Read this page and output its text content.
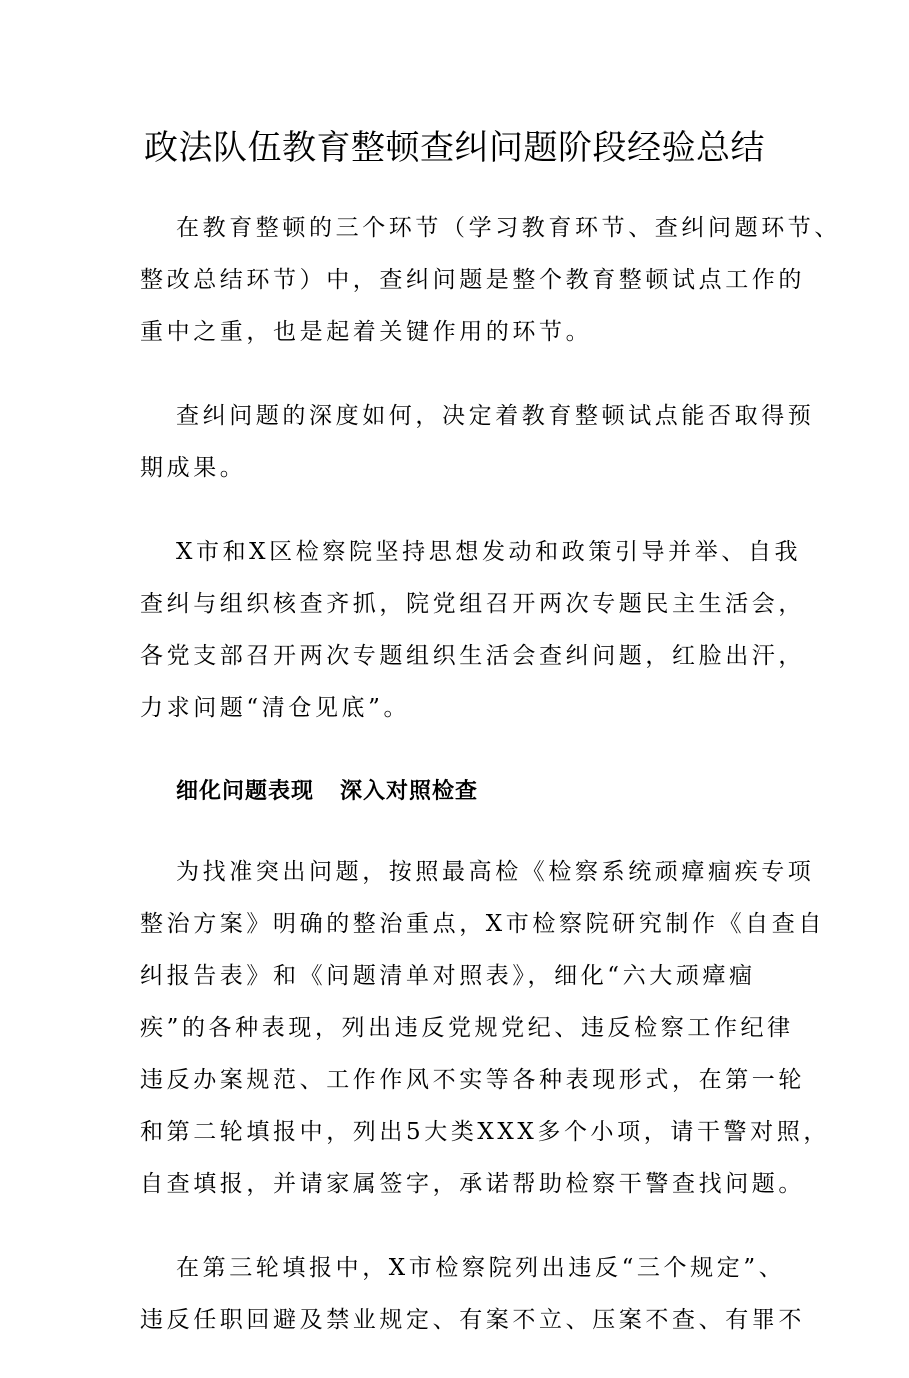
政法队伍教育整顿查纠问题阶段经验总结
在教育整顿的三个环节（学习教育环节、查纠问题环节、
整改总结环节）中，查纠问题是整个教育整顿试点工作的
重中之重，也是起着关键作用的环节。
查纠问题的深度如何，决定着教育整顿试点能否取得预
期成果。
X市和X区检察院坚持思想发动和政策引导并举、自我
查纠与组织核查齐抓，院党组召开两次专题民主生活会，
各党支部召开两次专题组织生活会查纠问题，红脸出汗，
力求问题“清仓见底”。
细化问题表现   深入对照检查
为找准突出问题，按照最高检《检察系统顽瘴痼疾专项
整治方案》明确的整治重点，X市检察院研究制作《自查自
纠报告表》和《问题清单对照表》，细化“六大顽瘴痼
疾”的各种表现，列出违反党规党纪、违反检察工作纪律
违反办案规范、工作作风不实等各种表现形式，在第一轮
和第二轮填报中，列出5大类XXX多个小项，请干警对照，
自查填报，并请家属签字，承诺帮助检察干警查找问题。
在第三轮填报中，X市检察院列出违反“三个规定”、
违反任职回避及禁业规定、有案不立、压案不查、有罪不
